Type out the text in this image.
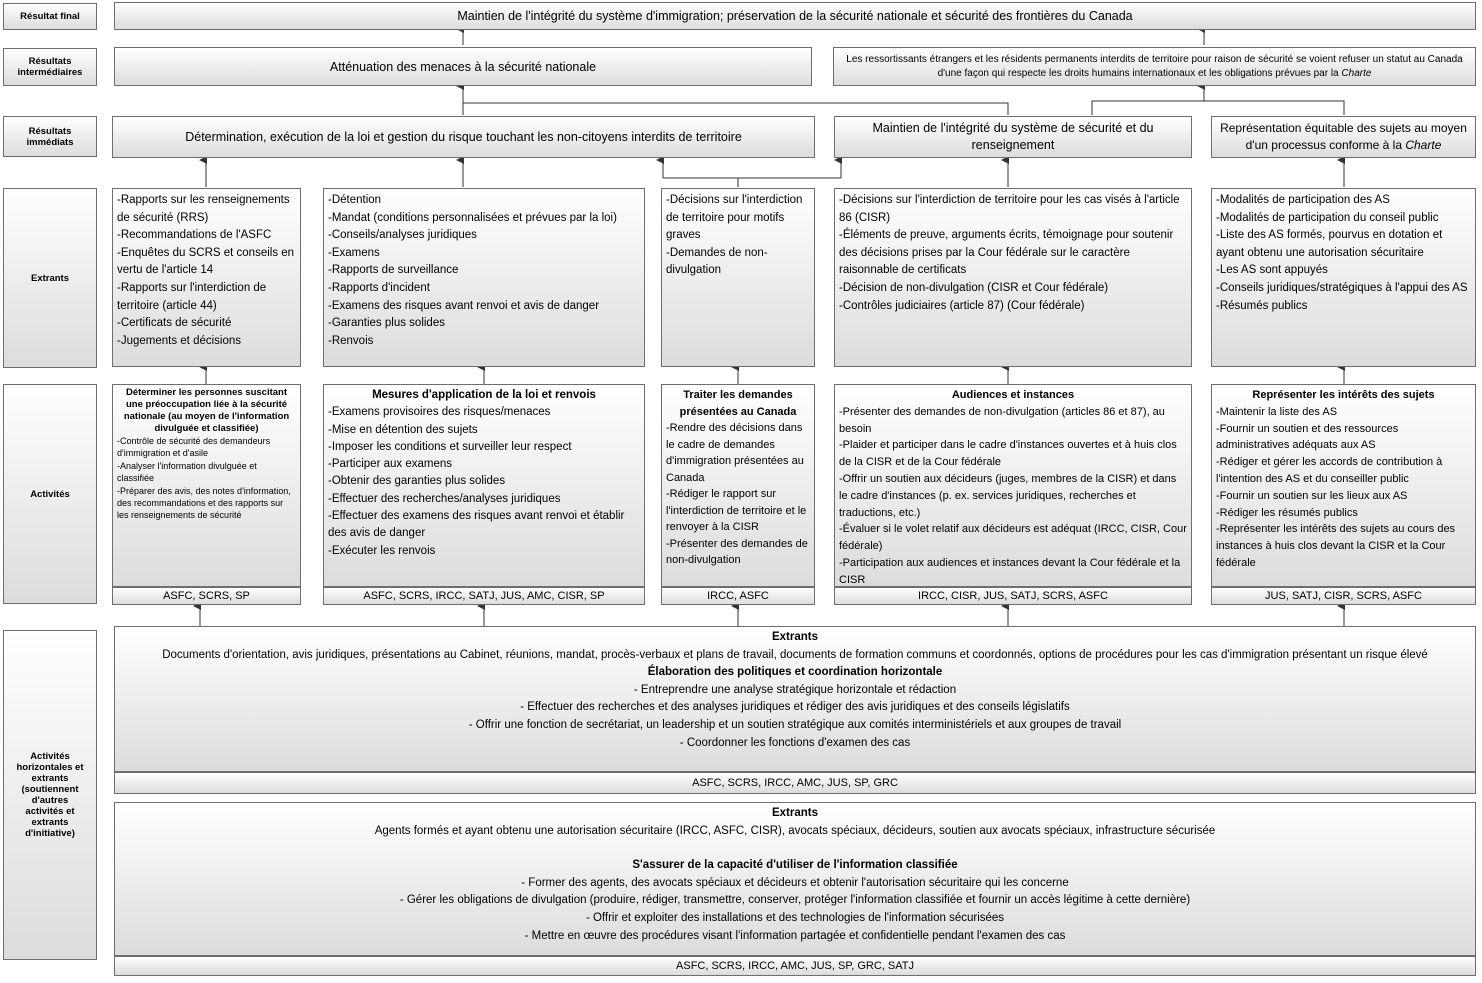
Résultat final
Résultats
intermédiaires
Résultats
immédiats
Extrants
Activités
Activités
horizontales et
extrants
(soutiennent
d'autres
activités et
extrants
d'initiative)
Maintien de l'intégrité du système d'immigration; préservation de la sécurité nationale et sécurité des frontières du Canada
Atténuation des menaces à la sécurité nationale
Les ressortissants étrangers et les résidents permanents interdits de territoire pour raison de sécurité se voient refuser un statut au Canada d'une façon qui respecte les droits humains internationaux et les obligations prévues par la Charte
Détermination, exécution de la loi et gestion du risque touchant les non-citoyens interdits de territoire
Maintien de l'intégrité du système de sécurité et du renseignement
Représentation équitable des sujets au moyen d'un processus conforme à la Charte
-Rapports sur les renseignements de sécurité (RRS)
-Recommandations de l'ASFC
-Enquêtes du SCRS et conseils en vertu de l'article 14
-Rapports sur l'interdiction de territoire (article 44)
-Certificats de sécurité
-Jugements et décisions
-Détention
-Mandat (conditions personnalisées et prévues par la loi)
-Conseils/analyses juridiques
-Examens
-Rapports de surveillance
-Rapports d'incident
-Examens des risques avant renvoi et avis de danger
-Garanties plus solides
-Renvois
-Décisions sur l'interdiction de territoire pour motifs graves
-Demandes de non-divulgation
-Décisions sur l'interdiction de territoire pour les cas visés à l'article 86 (CISR)
-Éléments de preuve, arguments écrits, témoignage pour soutenir des décisions prises par la Cour fédérale sur le caractère raisonnable de certificats
-Décision de non-divulgation (CISR et Cour fédérale)
-Contrôles judiciaires (article 87) (Cour fédérale)
-Modalités de participation des AS
-Modalités de participation du conseil public
-Liste des AS formés, pourvus en dotation et ayant obtenu une autorisation sécuritaire
-Les AS sont appuyés
-Conseils juridiques/stratégiques à l'appui des AS
-Résumés publics
Déterminer les personnes suscitant une préoccupation liée à la sécurité nationale (au moyen de l'information divulguée et classifiée)
-Contrôle de sécurité des demandeurs d'immigration et d'asile
-Analyser l'information divulguée et classifiée
-Préparer des avis, des notes d'information, des recommandations et des rapports sur les renseignements de sécurité
ASFC, SCRS, SP
Mesures d'application de la loi et renvois
-Examens provisoires des risques/menaces
-Mise en détention des sujets
-Imposer les conditions et surveiller leur respect
-Participer aux examens
-Obtenir des garanties plus solides
-Effectuer des recherches/analyses juridiques
-Effectuer des examens des risques avant renvoi et établir des avis de danger
-Exécuter les renvois
ASFC, SCRS, IRCC, SATJ, JUS, AMC, CISR, SP
Traiter les demandes présentées au Canada
-Rendre des décisions dans le cadre de demandes d'immigration présentées au Canada
-Rédiger le rapport sur l'interdiction de territoire et le renvoyer à la CISR
-Présenter des demandes de non-divulgation
IRCC, ASFC
Audiences et instances
-Présenter des demandes de non-divulgation (articles 86 et 87), au besoin
-Plaider et participer dans le cadre d'instances ouvertes et à huis clos de la CISR et de la Cour fédérale
-Offrir un soutien aux décideurs (juges, membres de la CISR) et dans le cadre d'instances (p. ex. services juridiques, recherches et traductions, etc.)
-Évaluer si le volet relatif aux décideurs est adéquat (IRCC, CISR, Cour fédérale)
-Participation aux audiences et instances devant la Cour fédérale et la CISR
IRCC, CISR, JUS, SATJ, SCRS, ASFC
Représenter les intérêts des sujets
-Maintenir la liste des AS
-Fournir un soutien et des ressources administratives adéquats aux AS
-Rédiger et gérer les accords de contribution à l'intention des AS et du conseiller public
-Fournir un soutien sur les lieux aux AS
-Rédiger les résumés publics
-Représenter les intérêts des sujets au cours des instances à huis clos devant la CISR et la Cour fédérale
JUS, SATJ, CISR, SCRS, ASFC
Extrants
Documents d'orientation, avis juridiques, présentations au Cabinet, réunions, mandat, procès-verbaux et plans de travail, documents de formation communs et coordonnés, options de procédures pour les cas d'immigration présentant un risque élevé
Élaboration des politiques et coordination horizontale
- Entreprendre une analyse stratégique horizontale et rédaction
- Effectuer des recherches et des analyses juridiques et rédiger des avis juridiques et des conseils législatifs
- Offrir une fonction de secrétariat, un leadership et un soutien stratégique aux comités interministériels et aux groupes de travail
- Coordonner les fonctions d'examen des cas
ASFC, SCRS, IRCC, AMC, JUS, SP, GRC
Extrants
Agents formés et ayant obtenu une autorisation sécuritaire (IRCC, ASFC, CISR), avocats spéciaux, décideurs, soutien aux avocats spéciaux, infrastructure sécurisée
S'assurer de la capacité d'utiliser de l'information classifiée
- Former des agents, des avocats spéciaux et décideurs et obtenir l'autorisation sécuritaire qui les concerne
- Gérer les obligations de divulgation (produire, rédiger, transmettre, conserver, protéger l'information classifiée et fournir un accès légitime à cette dernière)
- Offrir et exploiter des installations et des technologies de l'information sécurisées
- Mettre en œuvre des procédures visant l'information partagée et confidentielle pendant l'examen des cas
ASFC, SCRS, IRCC, AMC, JUS, SP, GRC, SATJ
